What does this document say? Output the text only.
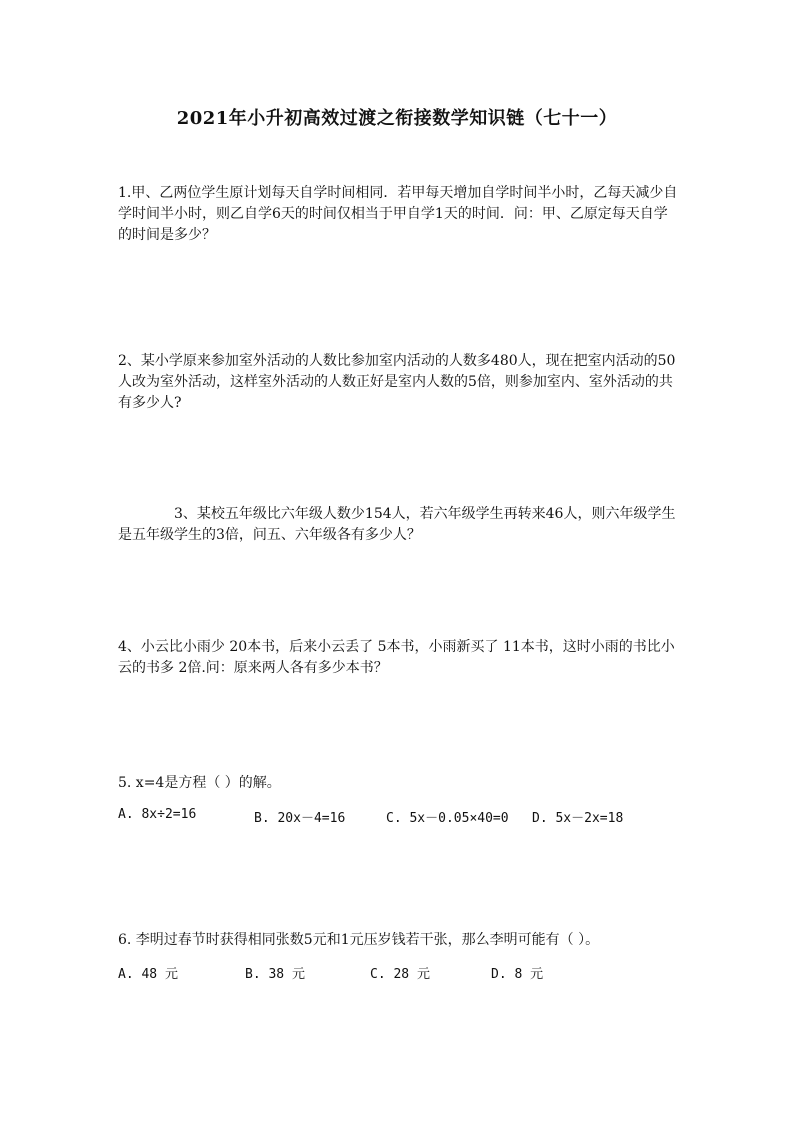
2021年小升初高效过渡之衔接数学知识链（七十一）

1.甲、乙两位学生原计划每天自学时间相同．若甲每天增加自学时间半小时，乙每天减少自学时间半小时，则乙自学6天的时间仅相当于甲自学1天的时间．问：甲、乙原定每天自学的时间是多少？

2、某小学原来参加室外活动的人数比参加室内活动的人数多480人，现在把室内活动的50人改为室外活动，这样室外活动的人数正好是室内人数的5倍，则参加室内、室外活动的共有多少人?

3、某校五年级比六年级人数少154人，若六年级学生再转来46人，则六年级学生是五年级学生的3倍，问五、六年级各有多少人？

4、小云比小雨少 20本书，后来小云丢了 5本书，小雨新买了 11本书，这时小雨的书比小云的书多 2倍.问：原来两人各有多少本书？

5. x=4是方程（ ）的解。

A. 8x÷2=16	B. 20x－4=16	C. 5x－0.05×40=0 D. 5x－2x=18

6. 李明过春节时获得相同张数5元和1元压岁钱若干张，那么李明可能有（ ）。

A. 48 元	B. 38 元	C. 28 元	D. 8 元
